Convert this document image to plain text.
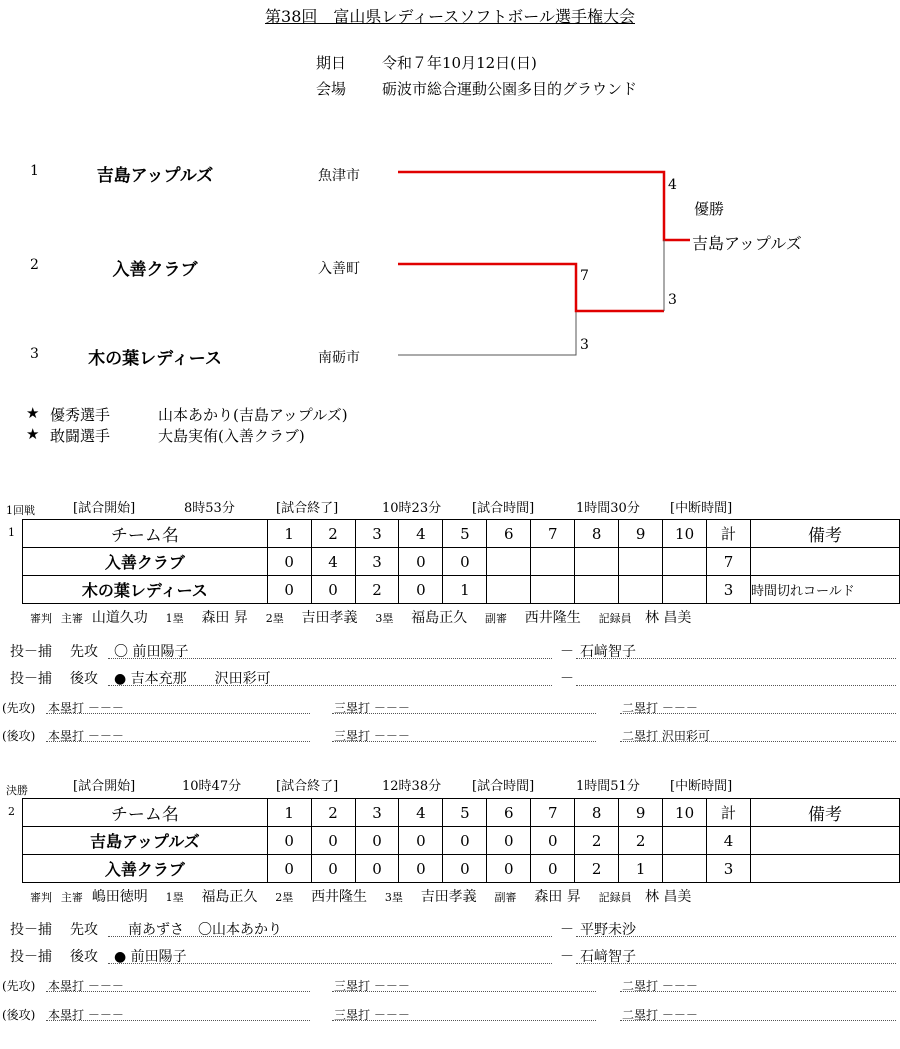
第38回　富山県レディースソフトボール選手権大会
期日 令和７年10月12日(日)
会場 砺波市総合運動公園多目的グラウンド
1	吉島アップルズ	魚津市
2	入善クラブ	入善町
3	木の葉レディース	南砺市
4
3
7
3
優勝
吉島アップルズ
★ 優秀選手	山本あかり(吉島アップルズ)
★ 敢闘選手	大島実侑(入善クラブ)
1回戦	[試合開始]	8時53分	[試合終了]	10時23分 [試合時間]	1時間30分 [中断時間]
1	チーム名	1	2	3	4	5	6	7	8	9	10	計	備考
入善クラブ	0	4	3	0	0						7	
木の葉レディース	0	0	2	0	1						3	時間切れコールド
審判 主審 山道久功 1塁 森田 昇 2塁 吉田孝義 3塁 福島正久 副審 西井隆生 記録員 林 昌美
投－捕 先攻 〇 前田陽子	－ 石﨑智子
投－捕 後攻 ● 吉本充那　　沢田彩可	－
(先攻) 本塁打 －－－	三塁打 －－－	二塁打 －－－
(後攻) 本塁打 －－－	三塁打 －－－	二塁打 沢田彩可
決勝	[試合開始]	10時47分	[試合終了]	12時38分 [試合時間]	1時間51分 [中断時間]
2	チーム名	1	2	3	4	5	6	7	8	9	10	計	備考
吉島アップルズ	0	0	0	0	0	0	0	2	2		4	
入善クラブ	0	0	0	0	0	0	0	2	1		3	
審判 主審 嶋田徳明 1塁 福島正久 2塁 西井隆生 3塁 吉田孝義 副審 森田 昇 記録員 林 昌美
投－捕 先攻 　南あずさ　〇山本あかり	－ 平野未沙
投－捕 後攻 ● 前田陽子	－ 石﨑智子
(先攻) 本塁打 －－－	三塁打 －－－	二塁打 －－－
(後攻) 本塁打 －－－	三塁打 －－－	二塁打 －－－
